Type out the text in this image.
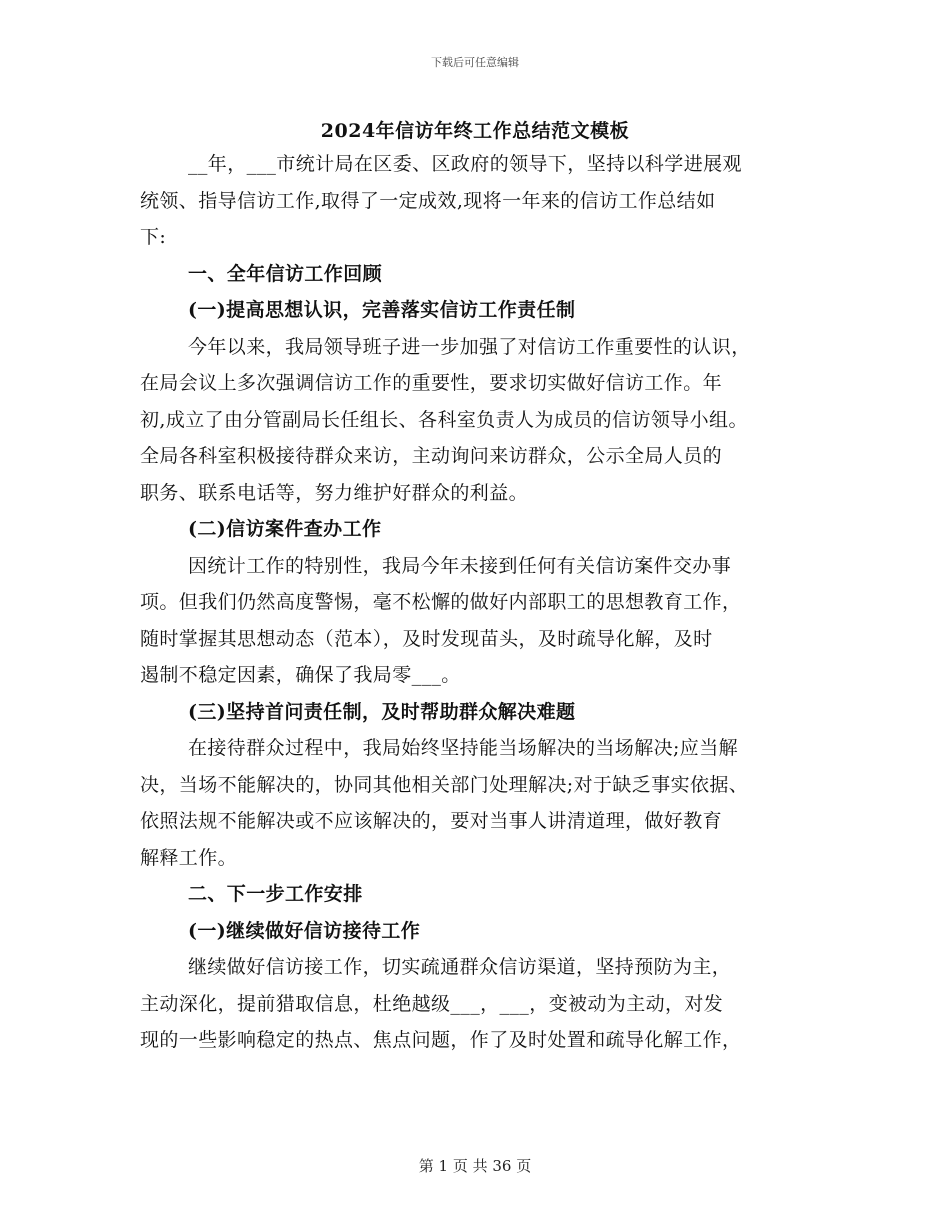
下载后可任意编辑
2024年信访年终工作总结范文模板
__年，___市统计局在区委、区政府的领导下，坚持以科学进展观
统领、指导信访工作,取得了一定成效,现将一年来的信访工作总结如
下:
一、全年信访工作回顾
(一)提高思想认识，完善落实信访工作责任制
今年以来，我局领导班子进一步加强了对信访工作重要性的认识，
在局会议上多次强调信访工作的重要性，要求切实做好信访工作。年
初,成立了由分管副局长任组长、各科室负责人为成员的信访领导小组。
全局各科室积极接待群众来访，主动询问来访群众，公示全局人员的
职务、联系电话等，努力维护好群众的利益。
(二)信访案件查办工作
因统计工作的特别性，我局今年未接到任何有关信访案件交办事
项。但我们仍然高度警惕，毫不松懈的做好内部职工的思想教育工作，
随时掌握其思想动态（范本），及时发现苗头，及时疏导化解，及时
遏制不稳定因素，确保了我局零___。
(三)坚持首问责任制，及时帮助群众解决难题
在接待群众过程中，我局始终坚持能当场解决的当场解决;应当解
决，当场不能解决的，协同其他相关部门处理解决;对于缺乏事实依据、
依照法规不能解决或不应该解决的，要对当事人讲清道理，做好教育
解释工作。
二、下一步工作安排
(一)继续做好信访接待工作
继续做好信访接工作，切实疏通群众信访渠道，坚持预防为主，
主动深化，提前猎取信息，杜绝越级___，___，变被动为主动，对发
现的一些影响稳定的热点、焦点问题，作了及时处置和疏导化解工作，
第 1 页 共 36 页
